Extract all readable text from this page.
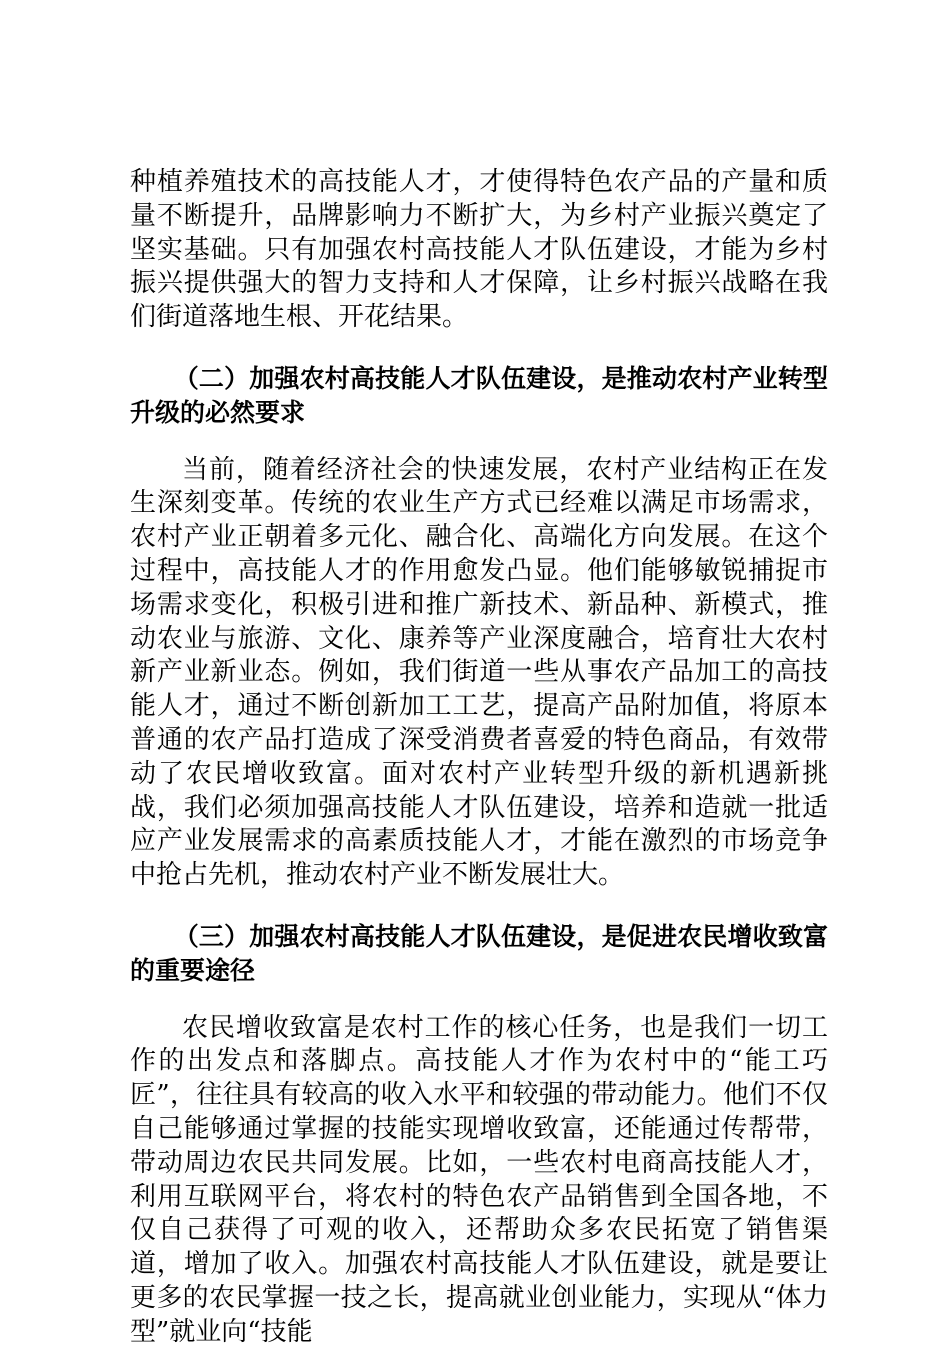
种植养殖技术的高技能人才，才使得特色农产品的产量和质量不断提升，品牌影响力不断扩大，为乡村产业振兴奠定了坚实基础。只有加强农村高技能人才队伍建设，才能为乡村振兴提供强大的智力支持和人才保障，让乡村振兴战略在我们街道落地生根、开花结果。

（二）加强农村高技能人才队伍建设，是推动农村产业转型升级的必然要求

当前，随着经济社会的快速发展，农村产业结构正在发生深刻变革。传统的农业生产方式已经难以满足市场需求，农村产业正朝着多元化、融合化、高端化方向发展。在这个过程中，高技能人才的作用愈发凸显。他们能够敏锐捕捉市场需求变化，积极引进和推广新技术、新品种、新模式，推动农业与旅游、文化、康养等产业深度融合，培育壮大农村新产业新业态。例如，我们街道一些从事农产品加工的高技能人才，通过不断创新加工工艺，提高产品附加值，将原本普通的农产品打造成了深受消费者喜爱的特色商品，有效带动了农民增收致富。面对农村产业转型升级的新机遇新挑战，我们必须加强高技能人才队伍建设，培养和造就一批适应产业发展需求的高素质技能人才，才能在激烈的市场竞争中抢占先机，推动农村产业不断发展壮大。

（三）加强农村高技能人才队伍建设，是促进农民增收致富的重要途径

农民增收致富是农村工作的核心任务，也是我们一切工作的出发点和落脚点。高技能人才作为农村中的“能工巧匠”，往往具有较高的收入水平和较强的带动能力。他们不仅自己能够通过掌握的技能实现增收致富，还能通过传帮带，带动周边农民共同发展。比如，一些农村电商高技能人才，利用互联网平台，将农村的特色农产品销售到全国各地，不仅自己获得了可观的收入，还帮助众多农民拓宽了销售渠道，增加了收入。加强农村高技能人才队伍建设，就是要让更多的农民掌握一技之长，提高就业创业能力，实现从“体力型”就业向“技能
